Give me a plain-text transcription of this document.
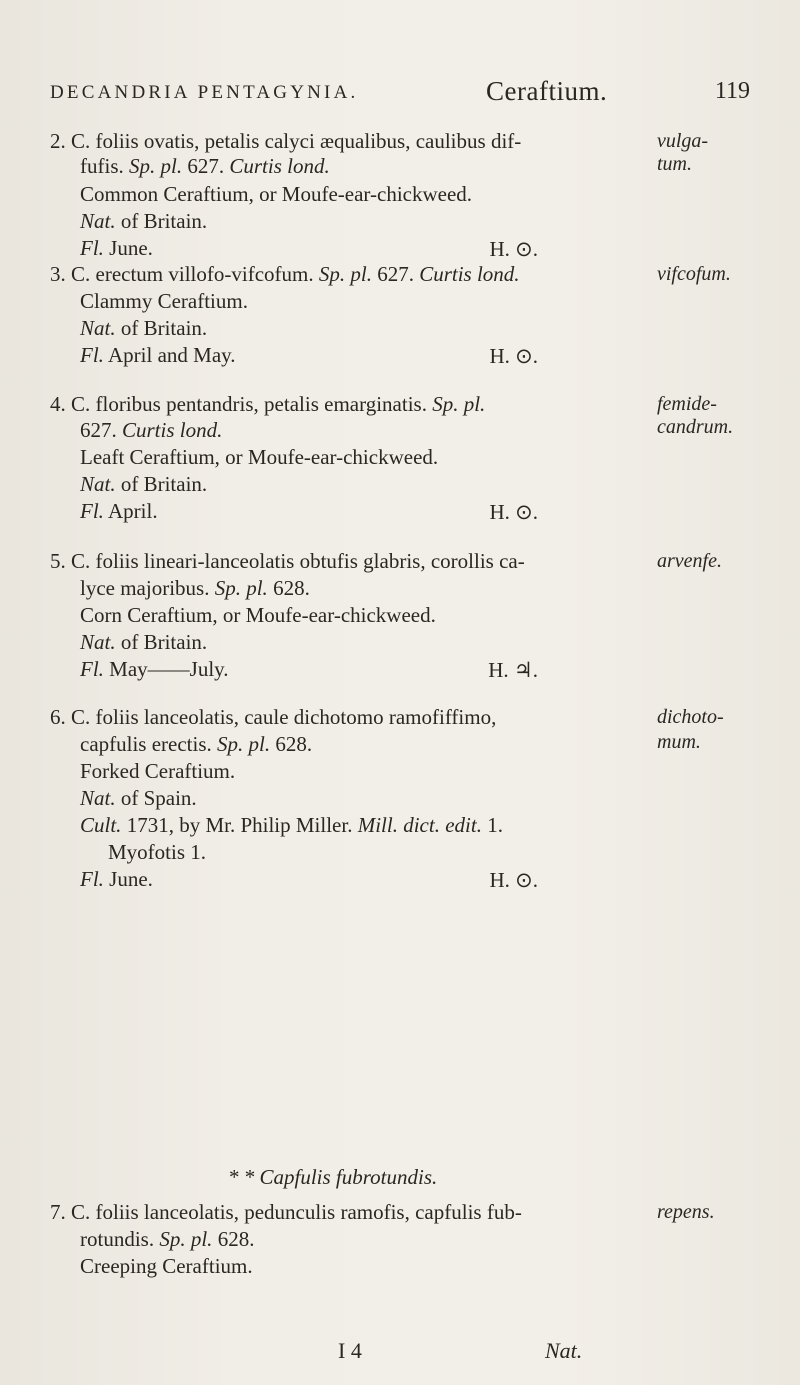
DECANDRIA PENTAGYNIA.	Ceraftium.	119
2. C. foliis ovatis, petalis calyci æqualibus, caulibus dif-
fufis. Sp. pl. 627. Curtis lond.
Common Ceraftium, or Moufe-ear-chickweed.
Nat. of Britain.
Fl. June.	H. ⊙.
vulga-
tum.
3. C. erectum villofo-vifcofum. Sp. pl. 627. Curtis lond.
Clammy Ceraftium.
Nat. of Britain.
Fl. April and May.	H. ⊙.
vifcofum.
4. C. floribus pentandris, petalis emarginatis. Sp. pl.
627. Curtis lond.
Leaft Ceraftium, or Moufe-ear-chickweed.
Nat. of Britain.
Fl. April.	H. ⊙.
femide-
candrum.
5. C. foliis lineari-lanceolatis obtufis glabris, corollis ca-
lyce majoribus. Sp. pl. 628.
Corn Ceraftium, or Moufe-ear-chickweed.
Nat. of Britain.
Fl. May——July.	H. ♃.
arvenfe.
6. C. foliis lanceolatis, caule dichotomo ramofiffimo,
capfulis erectis. Sp. pl. 628.
Forked Ceraftium.
Nat. of Spain.
Cult. 1731, by Mr. Philip Miller. Mill. dict. edit. 1.
Myofotis 1.
Fl. June.	H. ⊙.
dichoto-
mum.
* * Capfulis fubrotundis.
7. C. foliis lanceolatis, pedunculis ramofis, capfulis fub-
rotundis. Sp. pl. 628.
Creeping Ceraftium.
repens.
I 4	Nat.
